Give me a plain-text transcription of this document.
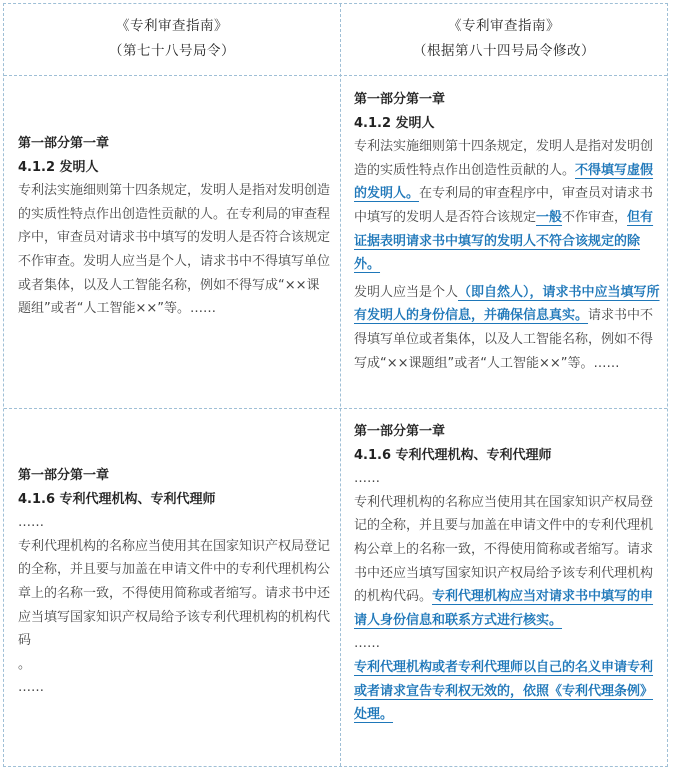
《专利审查指南》
（第七十八号局令）
《专利审查指南》
（根据第八十四号局令修改）

第一部分第一章

4.1.2 发明人

专利法实施细则第十四条规定，发明人是指对发明创造的实质性特点作出创造性贡献的人。在专利局的审查程序中，审查员对请求书中填写的发明人是否符合该规定不作审查。发明人应当是个人，请求书中不得填写单位或者集体，以及人工智能名称，例如不得写成“××课题组”或者“人工智能××”等。……

第一部分第一章

4.1.2 发明人

专利法实施细则第十四条规定，发明人是指对发明创造的实质性特点作出创造性贡献的人。不得填写虚假的发明人。在专利局的审查程序中，审查员对请求书中填写的发明人是否符合该规定一般不作审查，但有证据表明请求书中填写的发明人不符合该规定的除外。

发明人应当是个人（即自然人），请求书中应当填写所有发明人的身份信息，并确保信息真实。请求书中不得填写单位或者集体，以及人工智能名称，例如不得写成“××课题组”或者“人工智能××”等。……

第一部分第一章

4.1.6 专利代理机构、专利代理师

……

专利代理机构的名称应当使用其在国家知识产权局登记的全称，并且要与加盖在申请文件中的专利代理机构公章上的名称一致，不得使用简称或者缩写。请求书中还应当填写国家知识产权局给予该专利代理机构的机构代码

。

……

第一部分第一章

4.1.6 专利代理机构、专利代理师

……

专利代理机构的名称应当使用其在国家知识产权局登记的全称，并且要与加盖在申请文件中的专利代理机构公章上的名称一致，不得使用简称或者缩写。请求书中还应当填写国家知识产权局给予该专利代理机构的机构代码。专利代理机构应当对请求书中填写的申请人身份信息和联系方式进行核实。

……

专利代理机构或者专利代理师以自己的名义申请专利或者请求宣告专利权无效的，依照《专利代理条例》处理。
